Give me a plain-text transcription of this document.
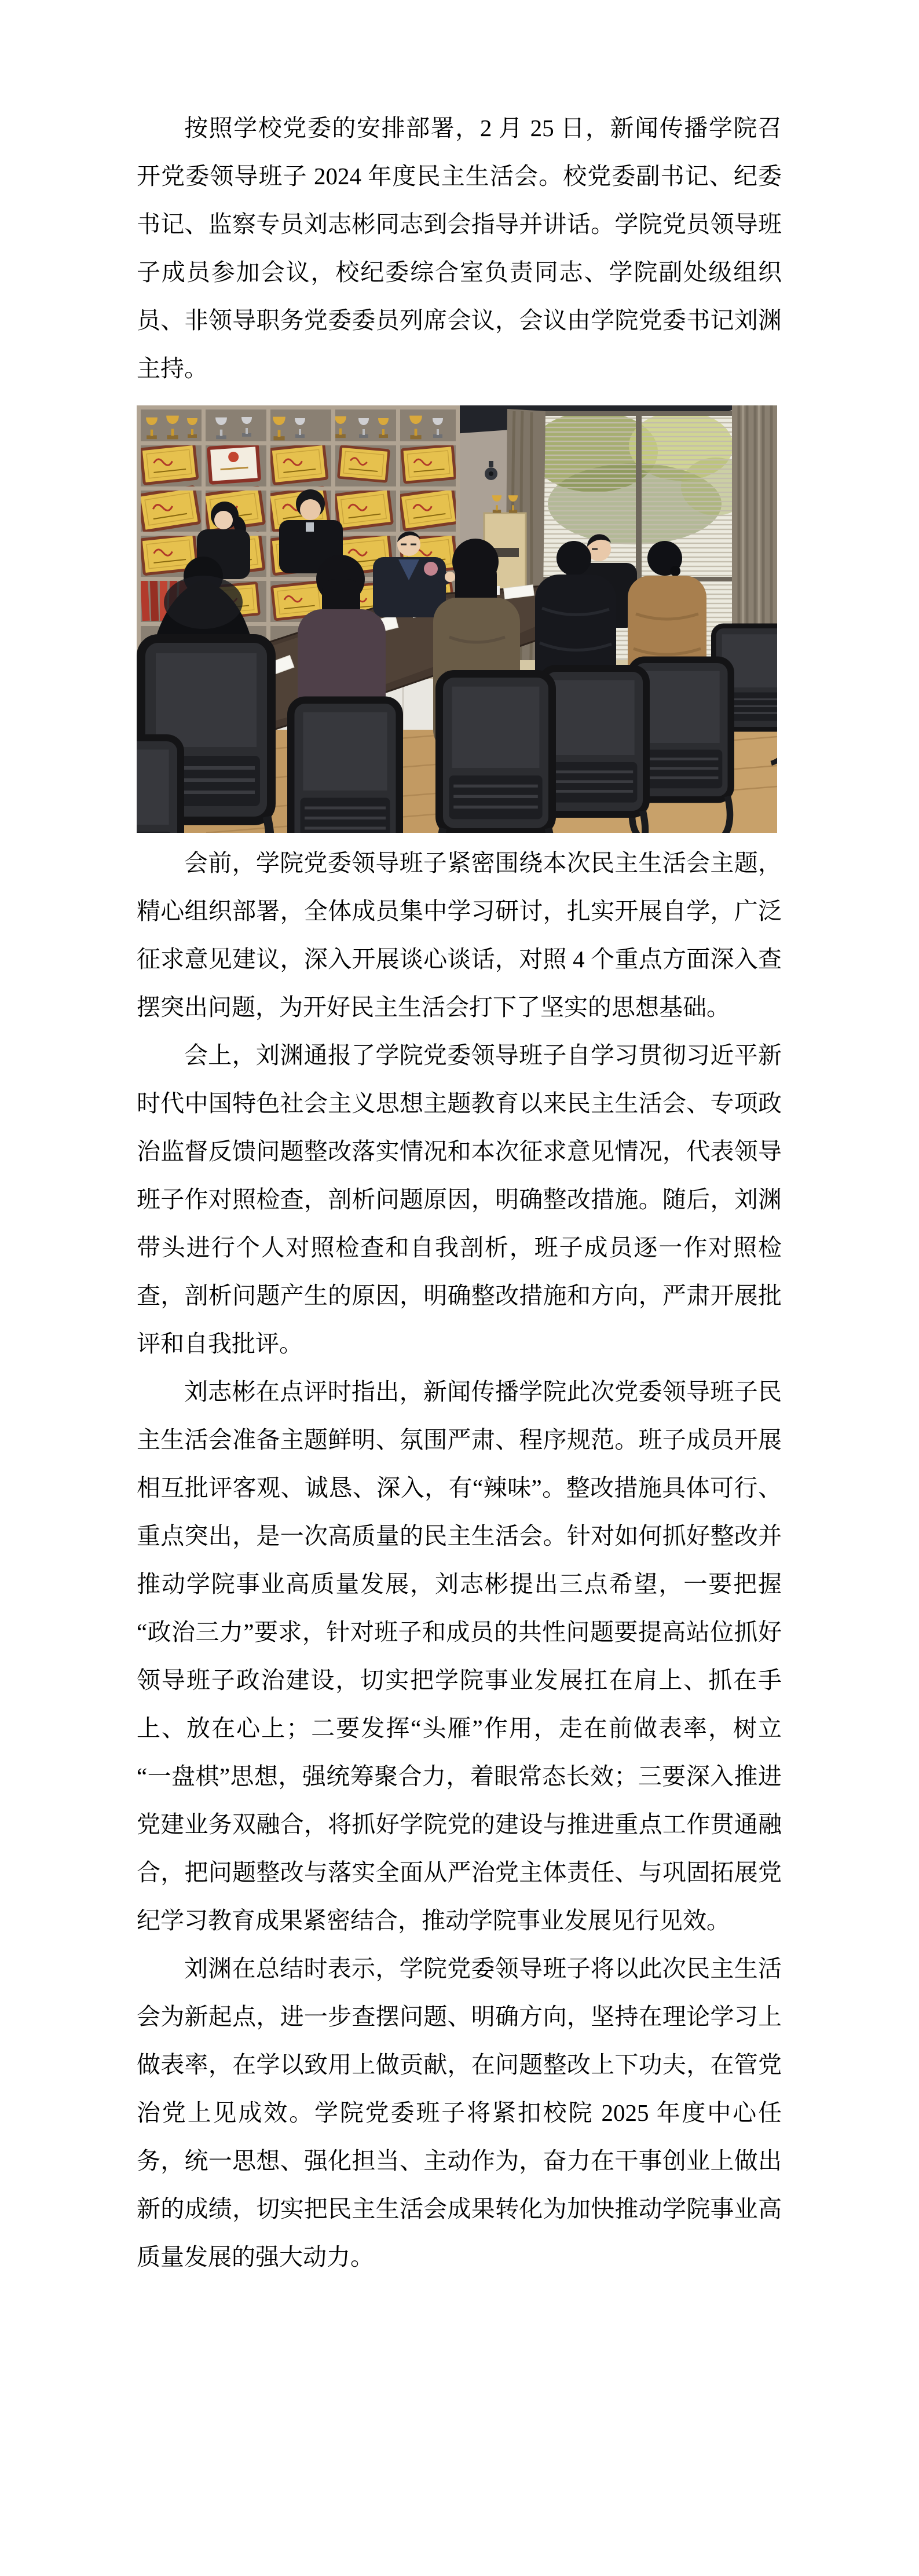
按照学校党委的安排部署，2 月 25 日，新闻传播学院召开党委领导班子 2024 年度民主生活会。校党委副书记、纪委书记、监察专员刘志彬同志到会指导并讲话。学院党员领导班子成员参加会议，校纪委综合室负责同志、学院副处级组织员、非领导职务党委委员列席会议，会议由学院党委书记刘渊主持。

会前，学院党委领导班子紧密围绕本次民主生活会主题，精心组织部署，全体成员集中学习研讨，扎实开展自学，广泛征求意见建议，深入开展谈心谈话，对照 4 个重点方面深入查摆突出问题，为开好民主生活会打下了坚实的思想基础。

会上，刘渊通报了学院党委领导班子自学习贯彻习近平新时代中国特色社会主义思想主题教育以来民主生活会、专项政治监督反馈问题整改落实情况和本次征求意见情况，代表领导班子作对照检查，剖析问题原因，明确整改措施。随后，刘渊带头进行个人对照检查和自我剖析，班子成员逐一作对照检查，剖析问题产生的原因，明确整改措施和方向，严肃开展批评和自我批评。

刘志彬在点评时指出，新闻传播学院此次党委领导班子民主生活会准备主题鲜明、氛围严肃、程序规范。班子成员开展相互批评客观、诚恳、深入，有“辣味”。整改措施具体可行、重点突出，是一次高质量的民主生活会。针对如何抓好整改并推动学院事业高质量发展，刘志彬提出三点希望，一要把握“政治三力”要求，针对班子和成员的共性问题要提高站位抓好领导班子政治建设，切实把学院事业发展扛在肩上、抓在手上、放在心上；二要发挥“头雁”作用，走在前做表率，树立“一盘棋”思想，强统筹聚合力，着眼常态长效；三要深入推进党建业务双融合，将抓好学院党的建设与推进重点工作贯通融合，把问题整改与落实全面从严治党主体责任、与巩固拓展党纪学习教育成果紧密结合，推动学院事业发展见行见效。

刘渊在总结时表示，学院党委领导班子将以此次民主生活会为新起点，进一步查摆问题、明确方向，坚持在理论学习上做表率，在学以致用上做贡献，在问题整改上下功夫，在管党治党上见成效。学院党委班子将紧扣校院 2025 年度中心任务，统一思想、强化担当、主动作为，奋力在干事创业上做出新的成绩，切实把民主生活会成果转化为加快推动学院事业高质量发展的强大动力。
